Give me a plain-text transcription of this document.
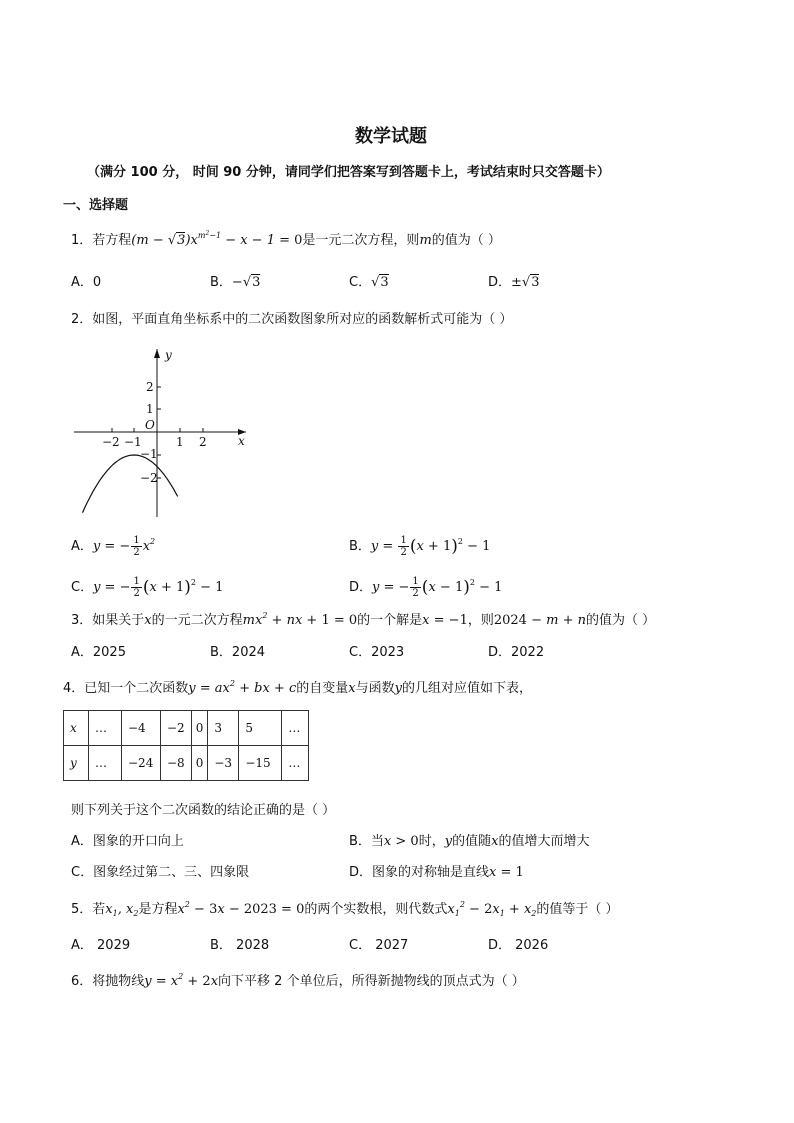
数学试题
（满分 100 分， 时间 90 分钟，请同学们把答案写到答题卡上，考试结束时只交答题卡）
一、选择题
1．若方程$(m - √3)x^{m^2-1} - x - 1 = 0$是一元二次方程，则m的值为（ ）
A．0	B．−√3	C．√3	D．±√3
2．如图，平面直角坐标系中的二次函数图象所对应的函数解析式可能为（ ）
y
x
O
−2 −1	1 2
2
1
−1
−2
A．y = − $\frac{1}{2} x^2$	B．$y = \frac{1}{2} (x + 1)^2 - 1$
C．y = − $\frac{1}{2} (x + 1)^2 - 1$	D．y = − $\frac{1}{2} (x - 1)^2 - 1$
3．如果关于x的一元二次方程$mx^2$ + nx + 1 = 0的一个解是x = −1，则2024 − m + n的值为（ ）
A．2025	B．2024	C．2023	D．2022
4．已知一个二次函数$y = ax^2$ + bx + c的自变量x与函数y的几组对应值如下表，
x	…	−4	−2	0	3	5	…
y	…	−24	−8	0	−3	−15	…
则下列关于这个二次函数的结论正确的是（ ）
A．图象的开口向上	B．当x > 0时，y的值随x的值增大而增大
C．图象经过第二、三、四象限	D．图象的对称轴是直线x = 1
5．若$x_1$, $x_2$是方程$x^2 - 3x - 2023 = 0$的两个实数根，则代数式$x_1^2 - 2x_1 + x_2$的值等于（ ）
A． 2029	B． 2028	C． 2027	D． 2026
6．将抛物线$y = x^2 + 2x$向下平移 2 个单位后，所得新抛物线的顶点式为（ ）
